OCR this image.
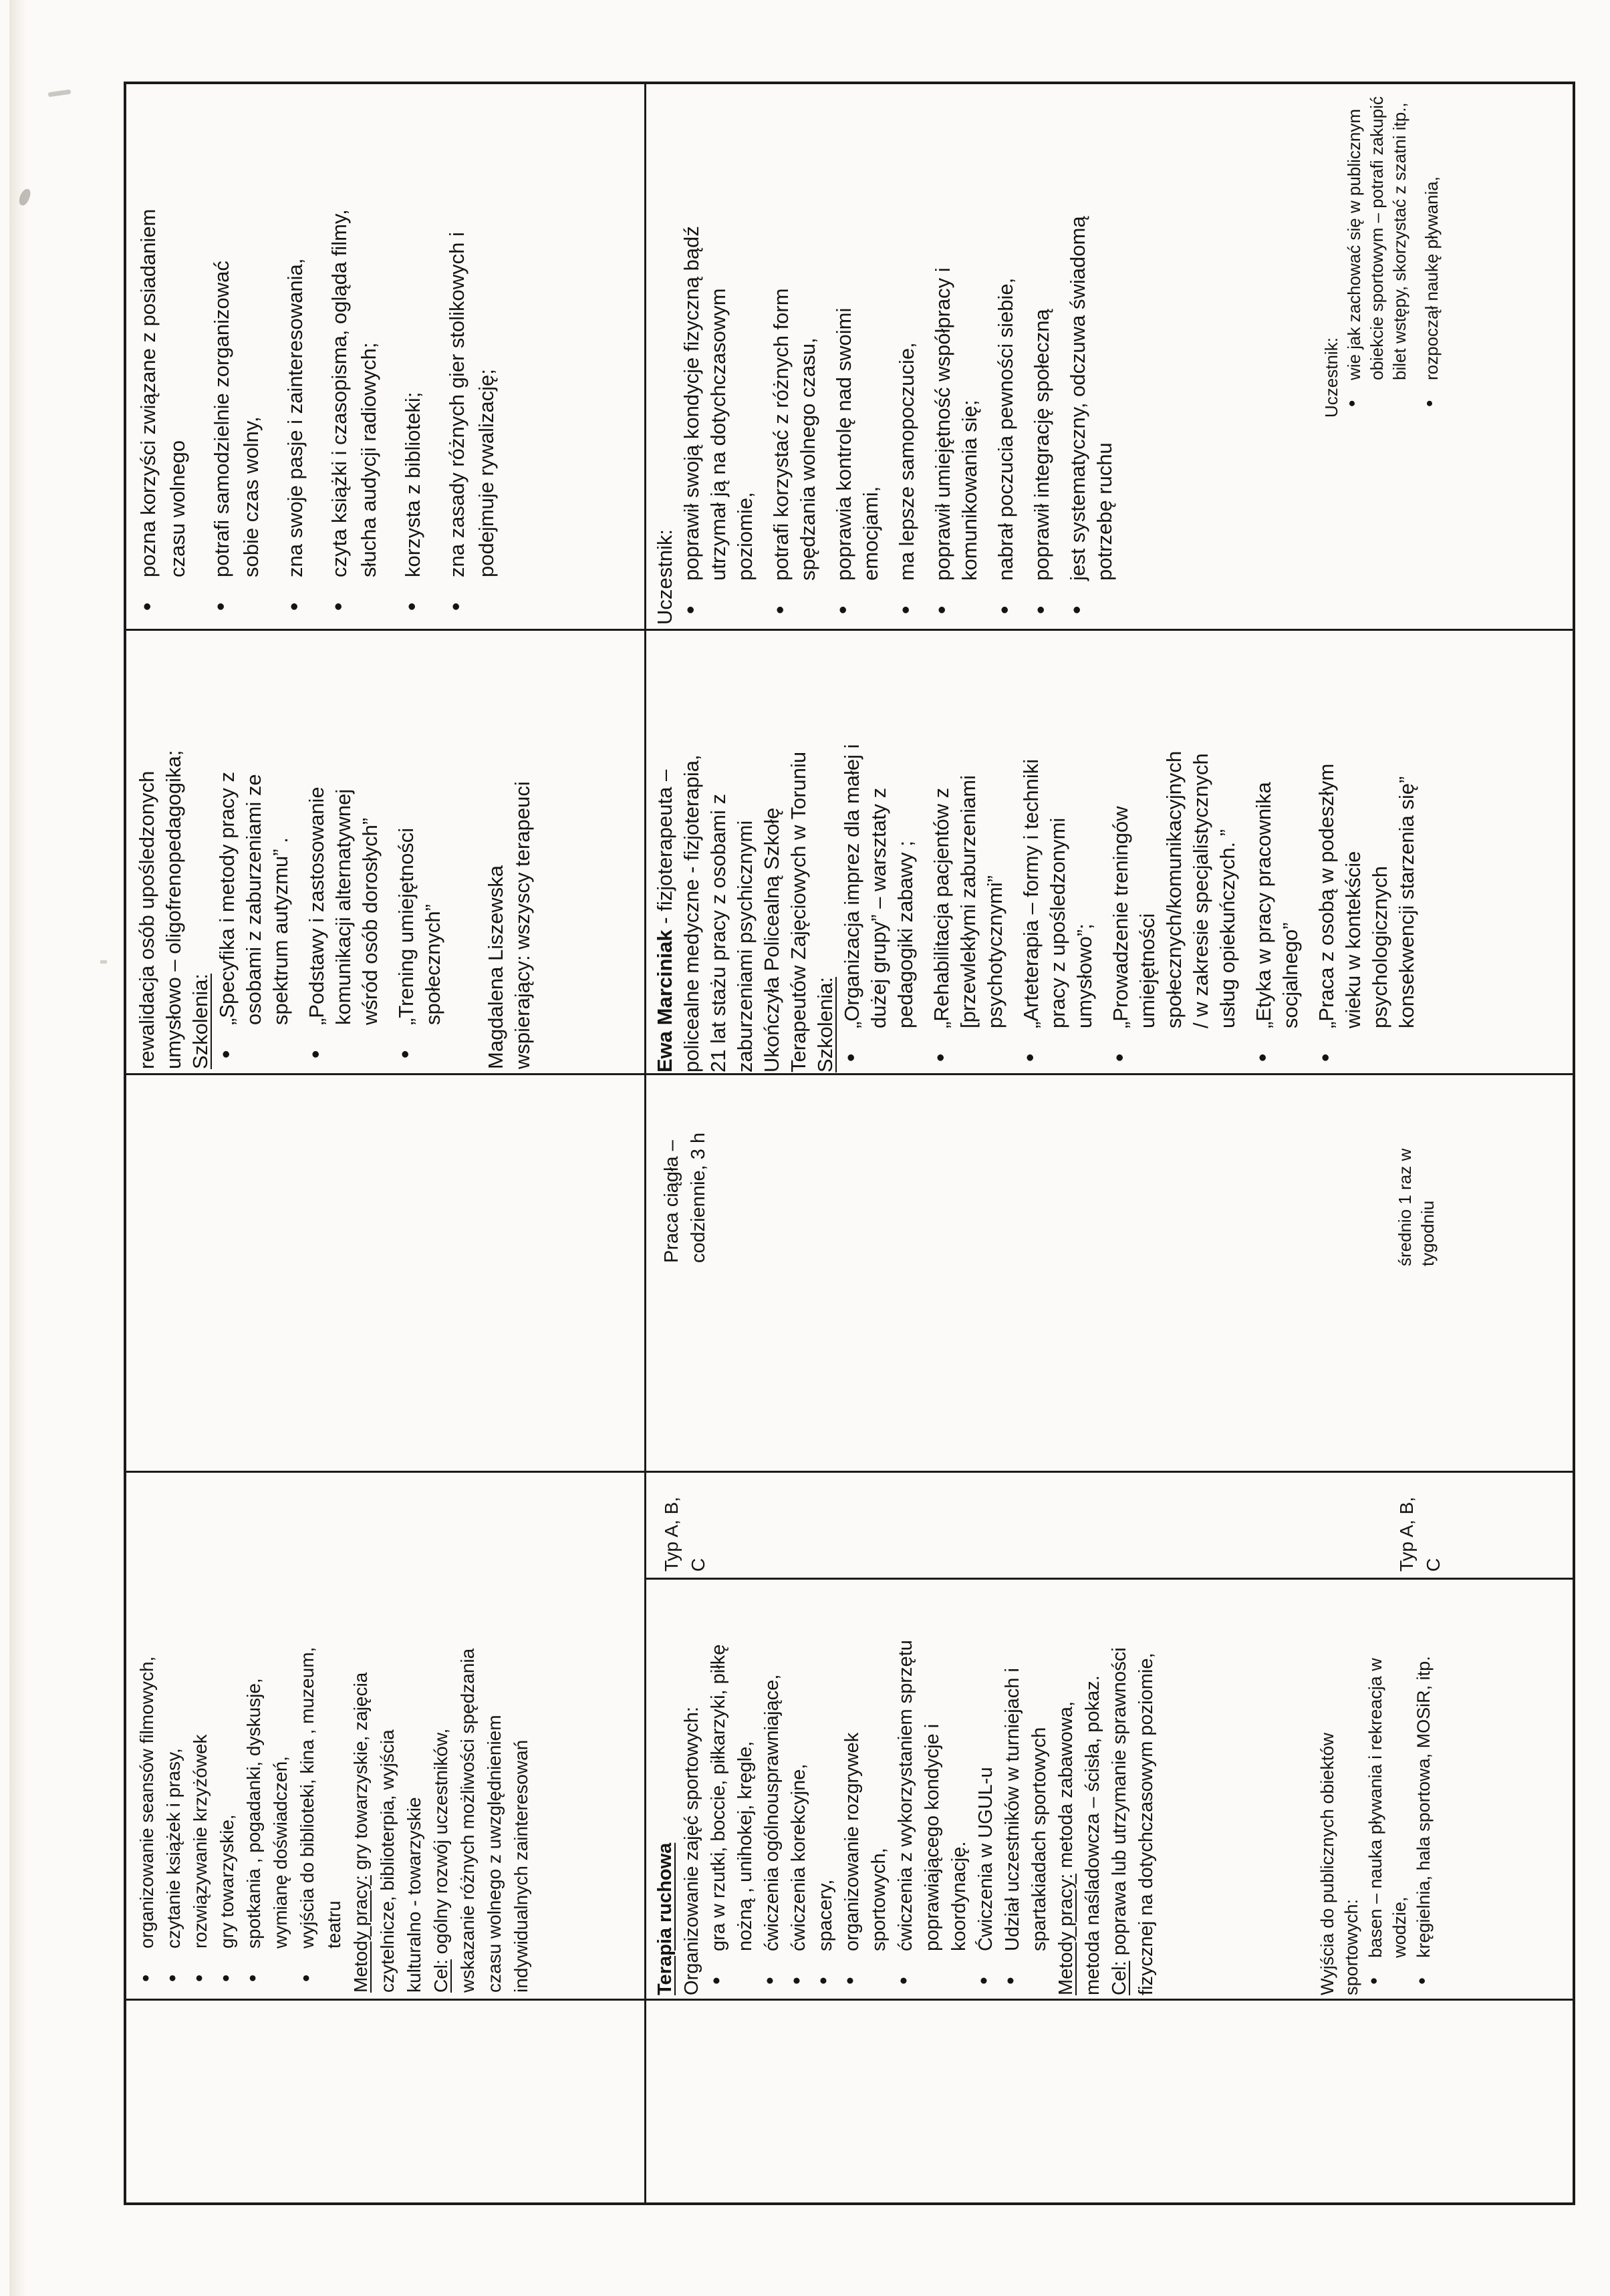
• pozna korzyści związane z posiadaniem czasu wolnego • potrafi samodzielnie zorganizować sobie czas wolny, • zna swoje pasje i zainteresowania, • czyta książki i czasopisma, ogląda filmy, słucha audycji radiowych; • korzysta z biblioteki; • zna zasady różnych gier stolikowych i podejmuje rywalizację;
rewalidacja osób upośledzonych umysłowo – oligofrenopedagogika; Szkolenia: • „Specyfika i metody pracy z osobami z zaburzeniami ze spektrum autyzmu” . • „Podstawy i zastosowanie komunikacji alternatywnej wśród osób dorosłych” • „Trening umiejętności społecznych”
Magdalena Liszewska wspierający: wszyscy terapeuci
• organizowanie seansów filmowych, • czytanie książek i prasy, • rozwiązywanie krzyżówek • gry towarzyskie, • spotkania , pogadanki, dyskusje, wymianę doświadczeń, • wyjścia do biblioteki, kina , muzeum, teatru Metody pracy: gry towarzyskie, zajęcia czytelnicze, biblioterpia, wyjścia kulturalno - towarzyskie Cel: ogólny rozwój uczestników, wskazanie różnych możliwości spędzania czasu wolnego z uwzględnieniem indywidualnych zainteresowań
Uczestnik: • poprawił swoją kondycje fizyczną bądź utrzymał ją na dotychczasowym poziomie, • potrafi korzystać z różnych form spędzania wolnego czasu, • poprawia kontrolę nad swoimi emocjami, • ma lepsze samopoczucie, • poprawił umiejętność współpracy i komunikowania się; • nabrał poczucia pewności siebie, • poprawił integrację społeczną • jest systematyczny, odczuwa świadomą potrzebę ruchu
Ewa Marciniak - fizjoterapeuta – policealne medyczne - fizjoterapia, 21 lat stażu pracy z osobami z zaburzeniami psychicznymi Ukończyła Policealną Szkołę Terapeutów Zajęciowych w Toruniu Szkolenia: • „Organizacja imprez dla małej i dużej grupy” – warsztaty z pedagogiki zabawy ; • „Rehabilitacja pacjentów z [przewlekłymi zaburzeniami psychotycznymi” • „Arteterapia – formy i techniki pracy z upośledzonymi umysłowo”; • „Prowadzenie treningów umiejętności społecznych/komunikacyjnych / w zakresie specjalistycznych usług opiekuńczych. ” • „Etyka w pracy pracownika socjalnego” • „Praca z osobą w podeszłym wieku w kontekście psychologicznych konsekwencji starzenia się”
Praca ciągła – codziennie, 3 h
Typ A, B, C
Terapia ruchowa Organizowanie zajęć sportowych: • gra w rzutki, boccie, piłkarzyki, piłkę nożną , unihokej, kręgle, • ćwiczenia ogólnousprawniające, • ćwiczenia korekcyjne, • spacery, • organizowanie rozgrywek sportowych, • ćwiczenia z wykorzystaniem sprzętu poprawiającego kondycje i koordynację. • Ćwiczenia w UGUL-u • Udział uczestników w turniejach i spartakiadach sportowych Metody pracy: metoda zabawowa, metoda naśladowcza – ścisła, pokaz. Cel: poprawa lub utrzymanie sprawności fizycznej na dotychczasowym poziomie,
Uczestnik: • wie jak zachować się w publicznym obiekcie sportowym – potrafi zakupić bilet wstępy, skorzystać z szatni itp., • rozpoczął naukę pływania,
średnio 1 raz w tygodniu
Typ A, B, C
Wyjścia do publicznych obiektów sportowych: • basen – nauka pływania i rekreacja w wodzie, • kręgielnia, hala sportowa, MOSiR, itp.
